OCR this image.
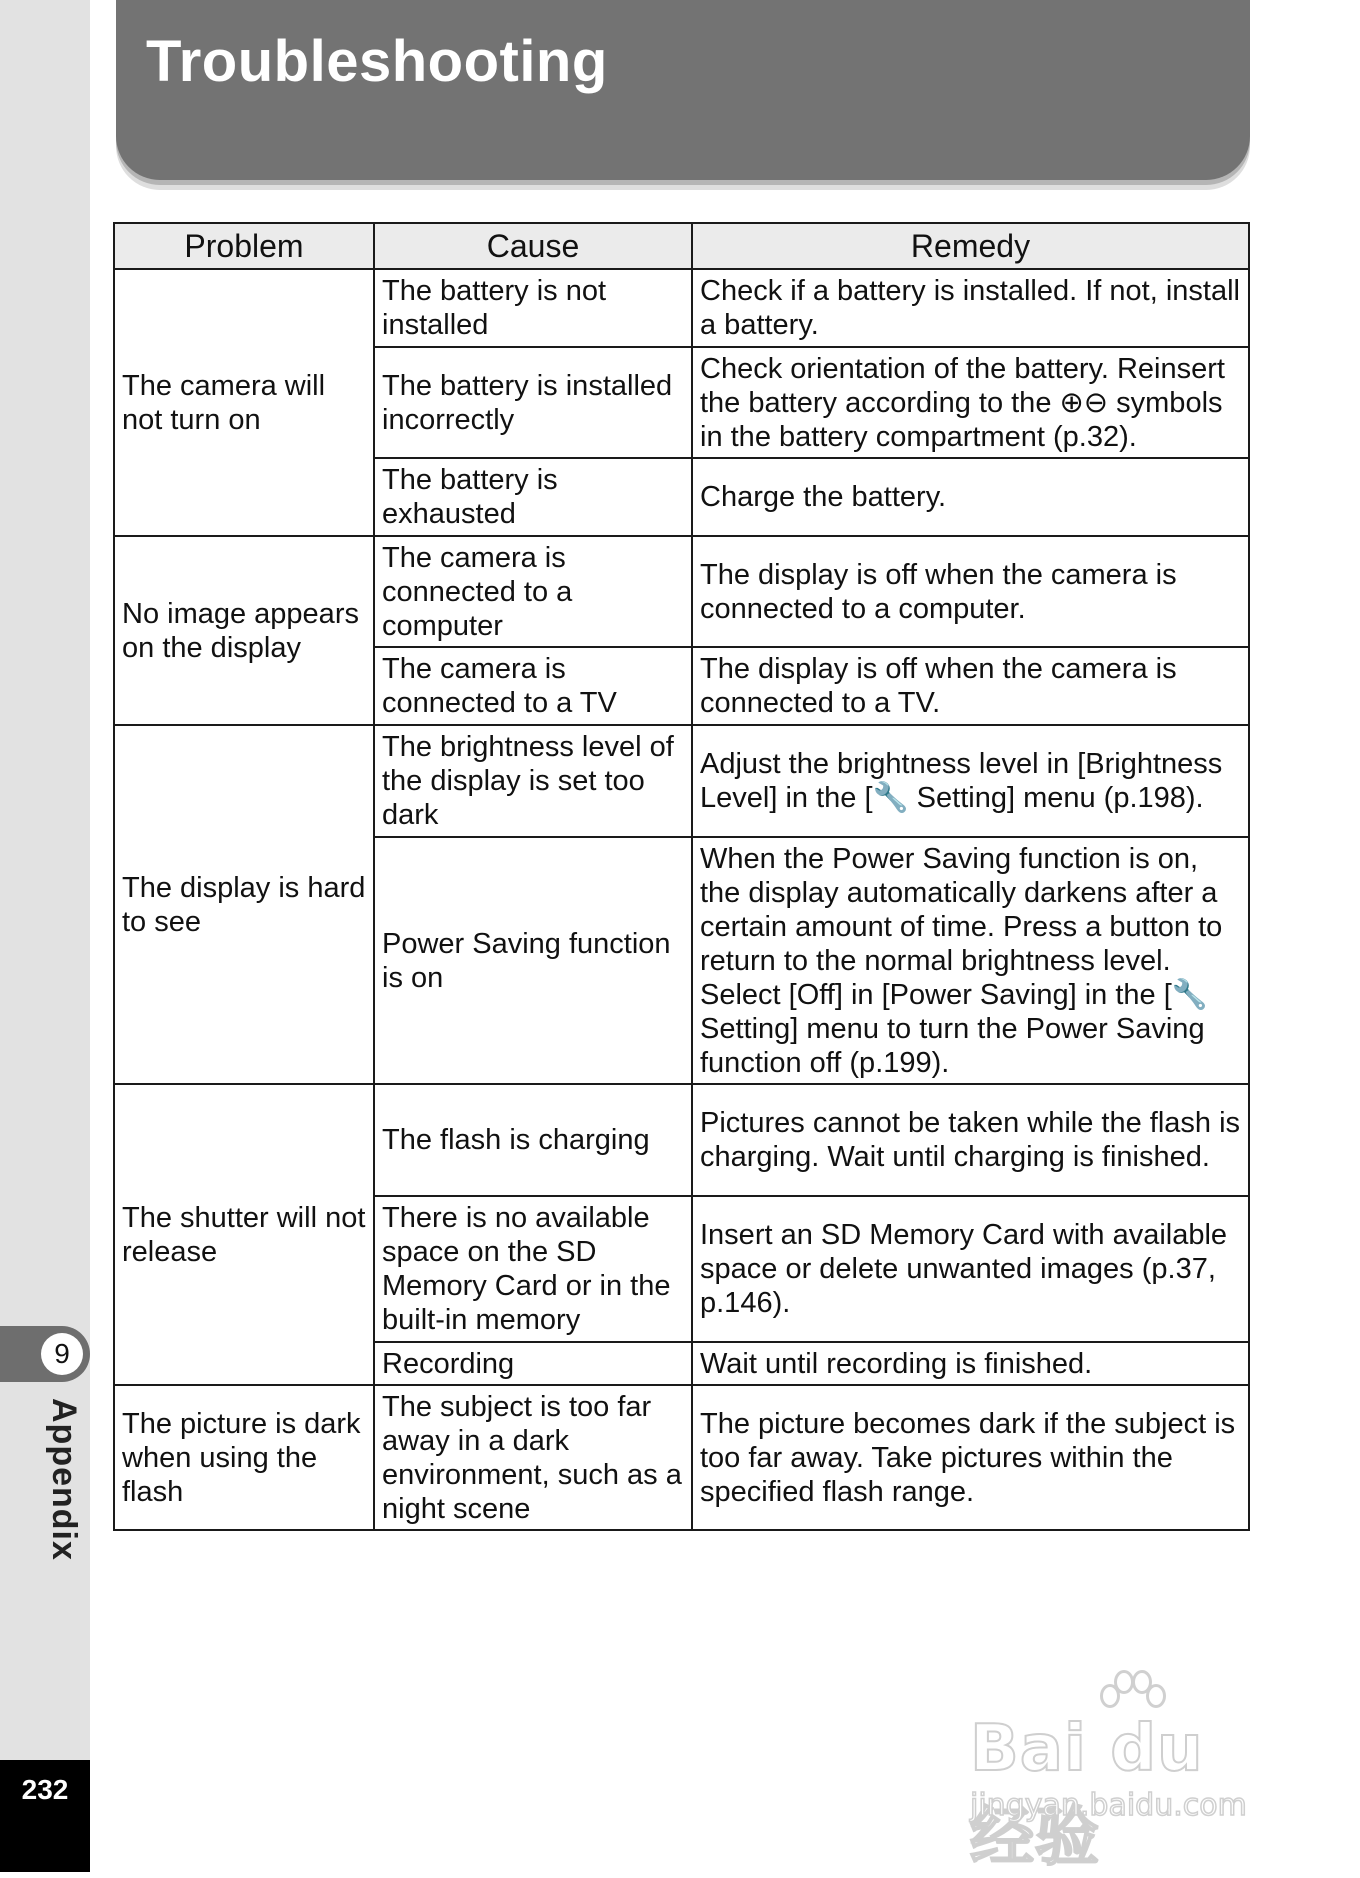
9
Appendix
232
Troubleshooting
Problem	Cause	Remedy
The camera will not turn on	The battery is not installed	Check if a battery is installed. If not, install a battery.
	The battery is installed incorrectly	Check orientation of the battery. Reinsert the battery according to the ⊕⊖ symbols in the battery compartment (p.32).
	The battery is exhausted	Charge the battery.
No image appears on the display	The camera is connected to a computer	The display is off when the camera is connected to a computer.
	The camera is connected to a TV	The display is off when the camera is connected to a TV.
The display is hard to see	The brightness level of the display is set too dark	Adjust the brightness level in [Brightness Level] in the [🔧 Setting] menu (p.198).
	Power Saving function is on	When the Power Saving function is on, the display automatically darkens after a certain amount of time. Press a button to return to the normal brightness level. Select [Off] in [Power Saving] in the [🔧 Setting] menu to turn the Power Saving function off (p.199).
The shutter will not release	The flash is charging	Pictures cannot be taken while the flash is charging. Wait until charging is finished.
	There is no available space on the SD Memory Card or in the built-in memory	Insert an SD Memory Card with available space or delete unwanted images (p.37, p.146).
	Recording	Wait until recording is finished.
The picture is dark when using the flash	The subject is too far away in a dark environment, such as a night scene	The picture becomes dark if the subject is too far away. Take pictures within the specified flash range.
Bai du 经验
jingyan.baidu.com
